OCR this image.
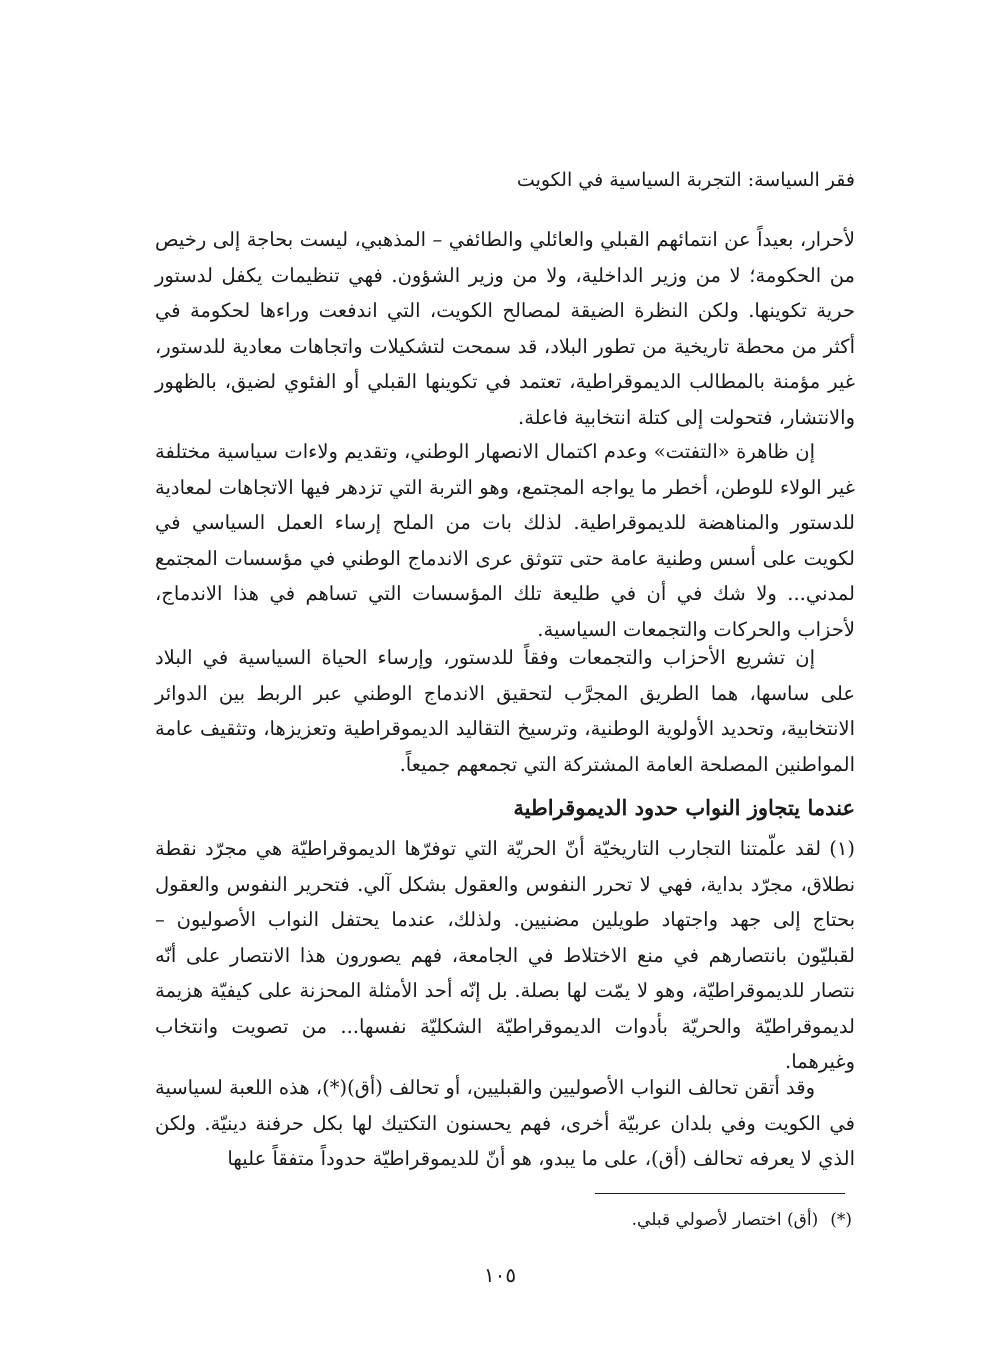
فقر السياسة: التجربة السياسية في الكويت

لأحرار، بعيداً عن انتمائهم القبلي والعائلي والطائفي – المذهبي، ليست بحاجة إلى رخيص من الحكومة؛ لا من وزير الداخلية، ولا من وزير الشؤون. فهي تنظيمات يكفل لدستور حرية تكوينها. ولكن النظرة الضيقة لمصالح الكويت، التي اندفعت وراءها لحكومة في أكثر من محطة تاريخية من تطور البلاد، قد سمحت لتشكيلات واتجاهات معادية للدستور، غير مؤمنة بالمطالب الديموقراطية، تعتمد في تكوينها القبلي أو الفئوي لضيق، بالظهور والانتشار، فتحولت إلى كتلة انتخابية فاعلة.

إن ظاهرة «التفتت» وعدم اكتمال الانصهار الوطني، وتقديم ولاءات سياسية مختلفة غير الولاء للوطن، أخطر ما يواجه المجتمع، وهو التربة التي تزدهر فيها الاتجاهات لمعادية للدستور والمناهضة للديموقراطية. لذلك بات من الملح إرساء العمل السياسي في لكويت على أسس وطنية عامة حتى تتوثق عرى الاندماج الوطني في مؤسسات المجتمع لمدني... ولا شك في أن في طليعة تلك المؤسسات التي تساهم في هذا الاندماج، لأحزاب والحركات والتجمعات السياسية.

إن تشريع الأحزاب والتجمعات وفقاً للدستور، وإرساء الحياة السياسية في البلاد على ساسها، هما الطريق المجرَّب لتحقيق الاندماج الوطني عبر الربط بين الدوائر الانتخابية، وتحديد الأولوية الوطنية، وترسيخ التقاليد الديموقراطية وتعزيزها، وتثقيف عامة المواطنين المصلحة العامة المشتركة التي تجمعهم جميعاً.

عندما يتجاوز النواب حدود الديموقراطية

(١) لقد علّمتنا التجارب التاريخيّة أنّ الحريّة التي توفرّها الديموقراطيّة هي مجرّد نقطة نطلاق، مجرّد بداية، فهي لا تحرر النفوس والعقول بشكل آلي. فتحرير النفوس والعقول بحتاج إلى جهد واجتهاد طويلين مضنيين. ولذلك، عندما يحتفل النواب الأصوليون – لقبليّون بانتصارهم في منع الاختلاط في الجامعة، فهم يصورون هذا الانتصار على أنّه نتصار للديموقراطيّة، وهو لا يمّت لها بصلة. بل إنّه أحد الأمثلة المحزنة على كيفيّة هزيمة لديموقراطيّة والحريّة بأدوات الديموقراطيّة الشكليّة نفسها... من تصويت وانتخاب وغيرهما.

وقد أتقن تحالف النواب الأصوليين والقبليين، أو تحالف (أق)(*)، هذه اللعبة لسياسية في الكويت وفي بلدان عربيّة أخرى، فهم يحسنون التكتيك لها بكل حرفنة دينيّة. ولكن الذي لا يعرفه تحالف (أق)، على ما يبدو، هو أنّ للديموقراطيّة حدوداً متفقاً عليها

(*)(أق) اختصار لأصولي قبلي.
١٠٥
